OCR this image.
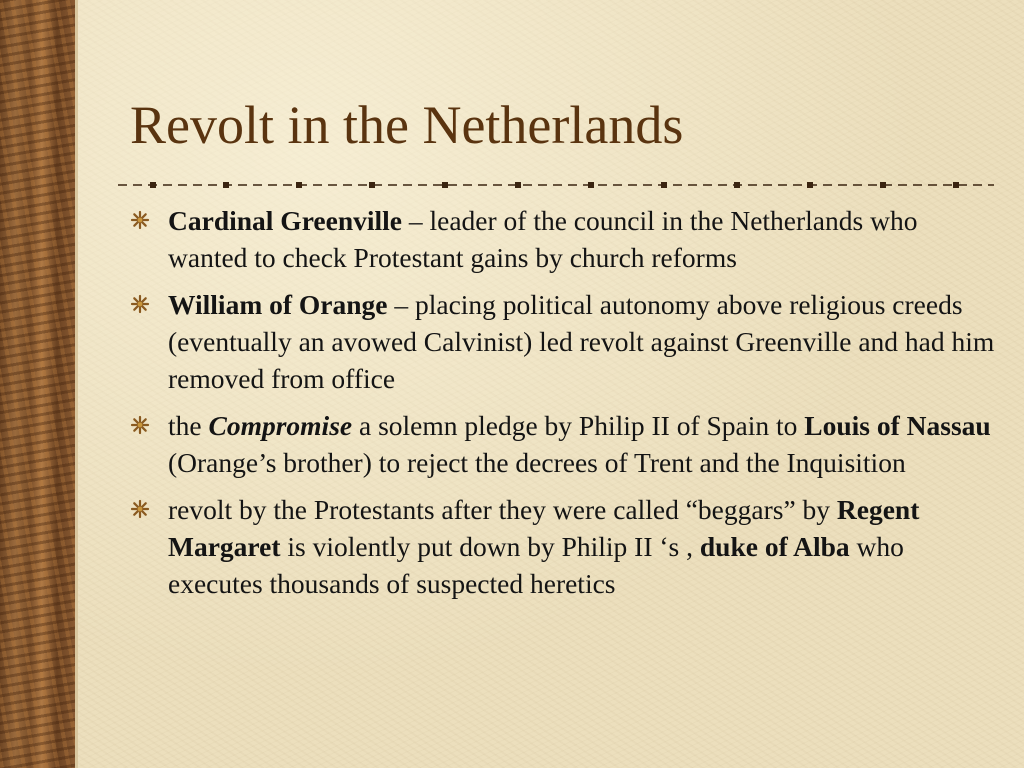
Revolt in the Netherlands
Cardinal Greenville – leader of the council in the Netherlands who wanted to check Protestant gains by church reforms
William of Orange – placing political autonomy above religious creeds (eventually an avowed Calvinist) led revolt against Greenville and had him removed from office
the Compromise a solemn pledge by Philip II of Spain to Louis of Nassau (Orange’s brother) to reject the decrees of Trent and the Inquisition
revolt by the Protestants after they were called “beggars” by Regent Margaret is violently put down by Philip II ‘s , duke of Alba who executes thousands of suspected heretics
